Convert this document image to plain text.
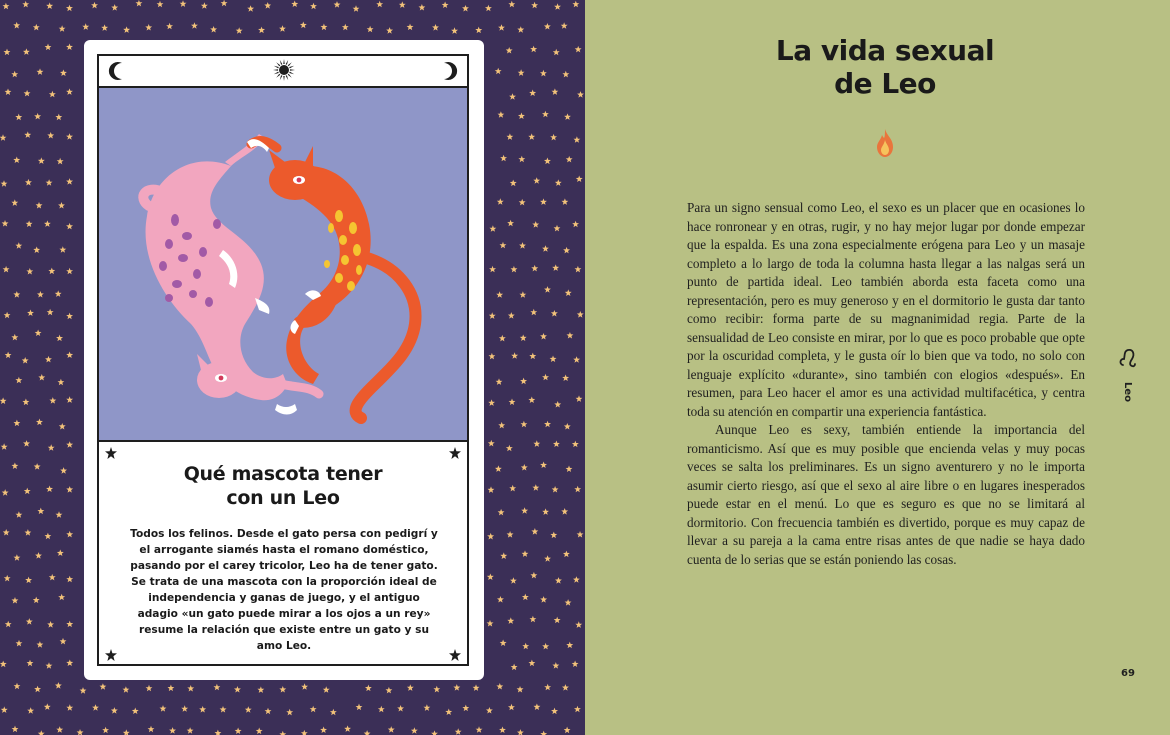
Qué mascota tener
con un Leo
Todos los felinos. Desde el gato persa con pedigrí y el arrogante siamés hasta el romano doméstico, pasando por el carey tricolor, Leo ha de tener gato. Se trata de una mascota con la proporción ideal de independencia y ganas de juego, y el antiguo adagio «un gato puede mirar a los ojos a un rey» resume la relación que existe entre un gato y su amo Leo.
La vida sexual
de Leo

Para un signo sensual como Leo, el sexo es un placer que en ocasiones lo hace ronronear y en otras, rugir, y no hay mejor lugar por donde empezar que la espalda. Es una zona especialmente erógena para Leo y un masaje completo a lo largo de toda la columna hasta llegar a las nalgas será un punto de partida ideal. Leo también aborda esta faceta como una representación, pero es muy generoso y en el dormitorio le gusta dar tanto como recibir: forma parte de su magnanimidad regia. Parte de la sensualidad de Leo consiste en mirar, por lo que es poco probable que opte por la oscuridad completa, y le gusta oír lo bien que va todo, no solo con lenguaje explícito «durante», sino también con elogios «después». En resumen, para Leo hacer el amor es una actividad multifacética, y centra toda su atención en compartir una experiencia fantástica.

Aunque Leo es sexy, también entiende la importancia del romanticismo. Así que es muy posible que encienda velas y muy pocas veces se salta los preliminares. Es un signo aventurero y no le importa asumir cierto riesgo, así que el sexo al aire libre o en lugares inesperados puede estar en el menú. Lo que es seguro es que no se limitará al dormitorio. Con frecuencia también es divertido, porque es muy capaz de llevar a su pareja a la cama entre risas antes de que nadie se haya dado cuenta de lo serias que se están poniendo las cosas.

Leo
69
